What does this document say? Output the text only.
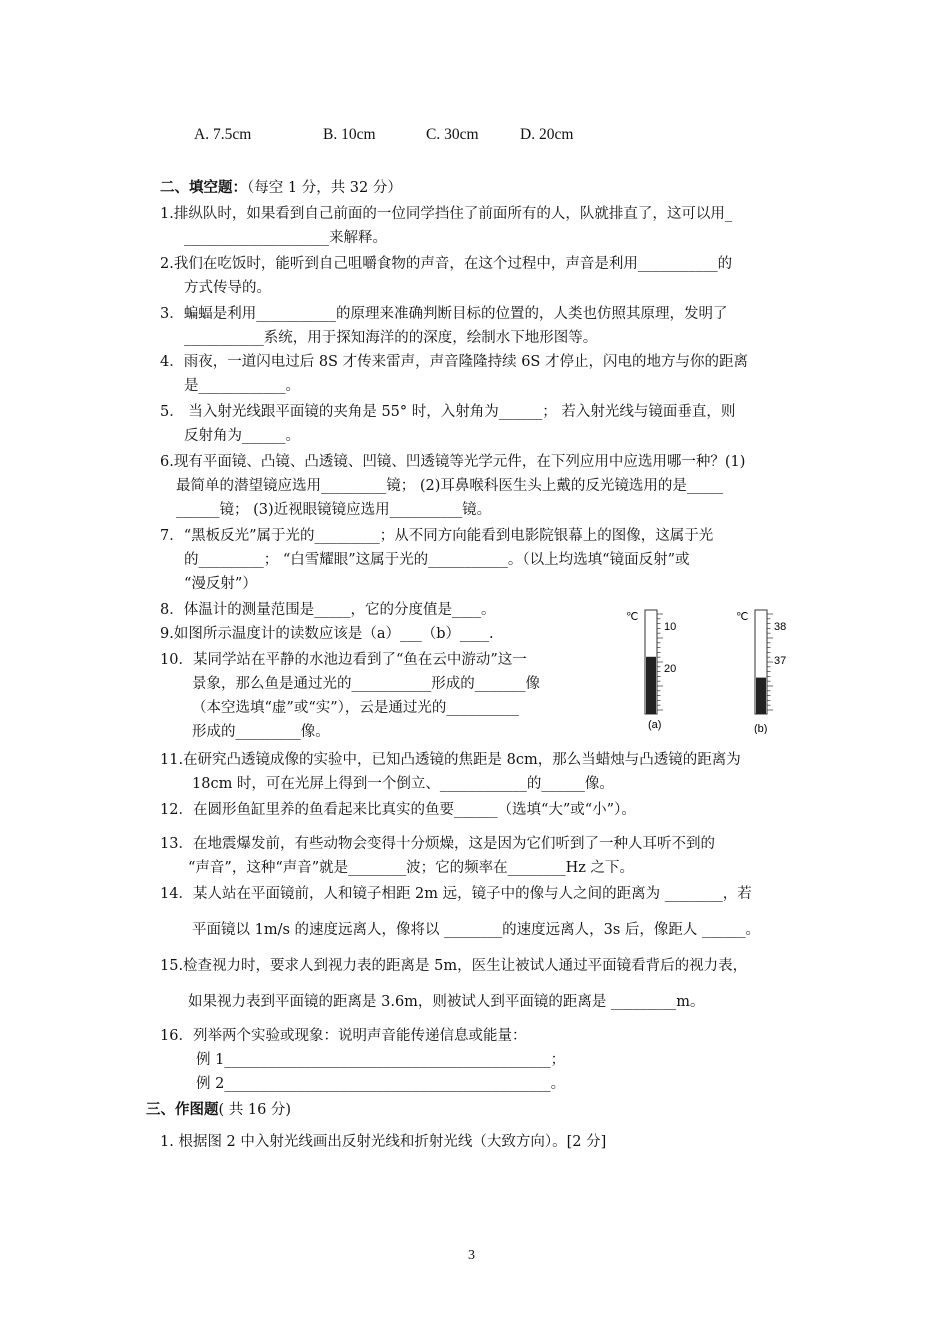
A. 7.5cm	B. 10cm	C. 30cm	D. 20cm
二、填空题：（每空 1 分，共 32 分）
1.排纵队时，如果看到自己前面的一位同学挡住了前面所有的人，队就排直了，这可以用_
____________________来解释。
2.我们在吃饭时，能听到自己咀嚼食物的声音，在这个过程中，声音是利用___________的
方式传导的。
3．蝙蝠是利用___________的原理来准确判断目标的位置的，人类也仿照其原理，发明了
___________系统，用于探知海洋的的深度，绘制水下地形图等。
4．雨夜，一道闪电过后 8S 才传来雷声，声音隆隆持续 6S 才停止，闪电的地方与你的距离
是____________。
5． 当入射光线跟平面镜的夹角是 55° 时，入射角为______； 若入射光线与镜面垂直，则
反射角为______。
6.现有平面镜、凸镜、凸透镜、凹镜、凹透镜等光学元件，在下列应用中应选用哪一种？(1)
最简单的潜望镜应选用_________镜； (2)耳鼻喉科医生头上戴的反光镜选用的是_____
______镜； (3)近视眼镜镜应选用__________镜。
7．“黑板反光”属于光的_________；从不同方向能看到电影院银幕上的图像，这属于光
的_________； “白雪耀眼”这属于光的___________。（以上均选填“镜面反射”或
“漫反射”）
8．体温计的测量范围是_____，它的分度值是____。
9.如图所示温度计的读数应该是（a）___（b）____.
10．某同学站在平静的水池边看到了“鱼在云中游动”这一
景象，那么鱼是通过光的___________形成的_______像
（本空选填“虚”或“实”），云是通过光的__________
形成的_________像。
℃
10
20
(a)
℃
38
37
(b)
11.在研究凸透镜成像的实验中，已知凸透镜的焦距是 8cm，那么当蜡烛与凸透镜的距离为
18cm 时，可在光屏上得到一个倒立、____________的______像。
12．在圆形鱼缸里养的鱼看起来比真实的鱼要______（选填“大”或“小”）。
13．在地震爆发前，有些动物会变得十分烦燥，这是因为它们听到了一种人耳听不到的
“声音”，这种“声音”就是________波；它的频率在________Hz 之下。
14．某人站在平面镜前，人和镜子相距 2m 远，镜子中的像与人之间的距离为 ________，若
平面镜以 1m/s 的速度远离人，像将以 ________的速度远离人，3s 后，像距人 ______。
15.检查视力时，要求人到视力表的距离是 5m，医生让被试人通过平面镜看背后的视力表，
如果视力表到平面镜的距离是 3.6m，则被试人到平面镜的距离是 _________m。
16．列举两个实验或现象：说明声音能传递信息或能量：
例 1_____________________________________________；
例 2_____________________________________________。
三、作图题( 共 16 分)
1. 根据图 2 中入射光线画出反射光线和折射光线（大致方向）。[2 分]
3
